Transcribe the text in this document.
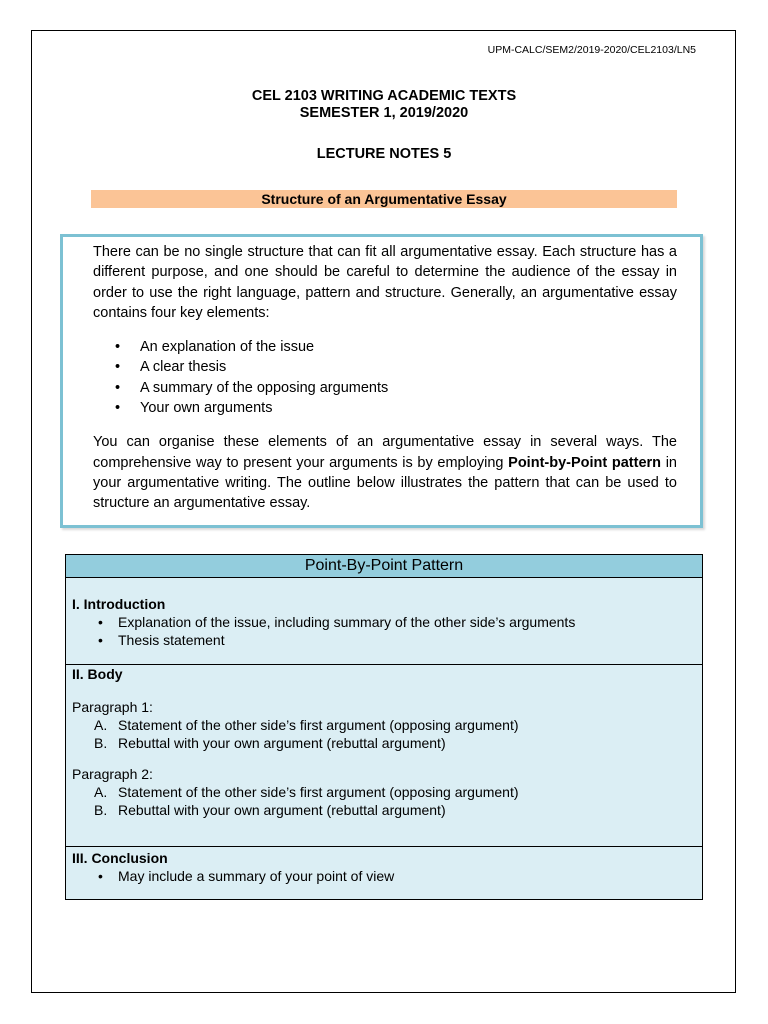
UPM-CALC/SEM2/2019-2020/CEL2103/LN5
CEL 2103 WRITING ACADEMIC TEXTS
SEMESTER 1, 2019/2020
LECTURE NOTES 5
Structure of an Argumentative Essay

There can be no single structure that can fit all argumentative essay. Each structure has a different purpose, and one should be careful to determine the audience of the essay in order to use the right language, pattern and structure. Generally, an argumentative essay contains four key elements:

• An explanation of the issue
• A clear thesis
• A summary of the opposing arguments
• Your own arguments

You can organise these elements of an argumentative essay in several ways. The comprehensive way to present your arguments is by employing Point-by-Point pattern in your argumentative writing. The outline below illustrates the pattern that can be used to structure an argumentative essay.

Point-By-Point Pattern
I. Introduction
• Explanation of the issue, including summary of the other side’s arguments
• Thesis statement
II. Body
Paragraph 1:
A. Statement of the other side’s first argument (opposing argument)
B. Rebuttal with your own argument (rebuttal argument)
Paragraph 2:
A. Statement of the other side’s first argument (opposing argument)
B. Rebuttal with your own argument (rebuttal argument)
III. Conclusion
• May include a summary of your point of view
